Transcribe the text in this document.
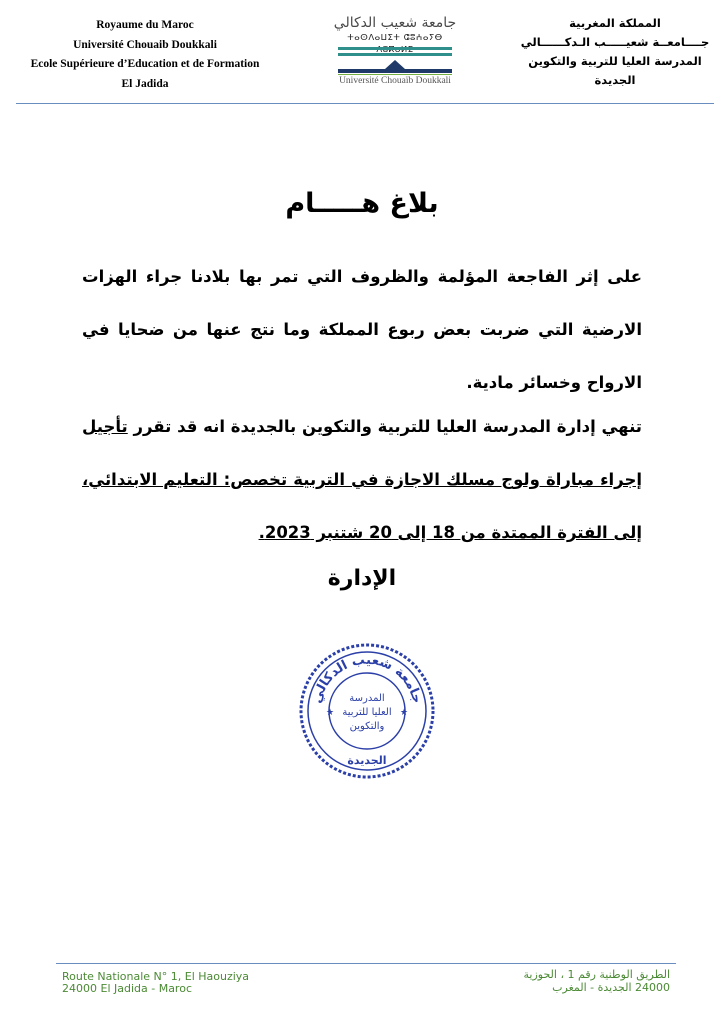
Royaume du Maroc
Université Chouaib Doukkali
Ecole Supérieure d’Education et de Formation
El Jadida
جامعة شعيب الدكالي
ⵜⴰⵙⴷⴰⵡⵉⵜ ⵛⵓⵄⴰⵢⴱ
Université Chouaïb Doukkali
المملكة المغربية
جــــامعــة شعيـــــب الـدكــــــالي
المدرسة العليا للتربية والتكوين
الجديدة
بلاغ هـــــام
على إثر الفاجعة المؤلمة والظروف التي تمر بها بلادنا جراء الهزات الارضية التي ضربت بعض ربوع المملكة وما نتج عنها من ضحايا في الارواح وخسائر مادية.
تنهي إدارة المدرسة العليا للتربية والتكوين بالجديدة انه قد تقرر تأجيل إجراء مباراة ولوج مسلك الاجازة في التربية تخصص: التعليم الابتدائي، إلى الفترة الممتدة من 18 إلى 20 شتنبر 2023.
الإدارة
جامعة شعيب الدكالي
المدرسة
العليا للتربية
والتكوين
الجديدة
★	★
Route Nationale N° 1, El Haouziya
24000 El Jadida - Maroc
الطريق الوطنية رقم 1 ، الحوزية
24000 الجديدة - المغرب
